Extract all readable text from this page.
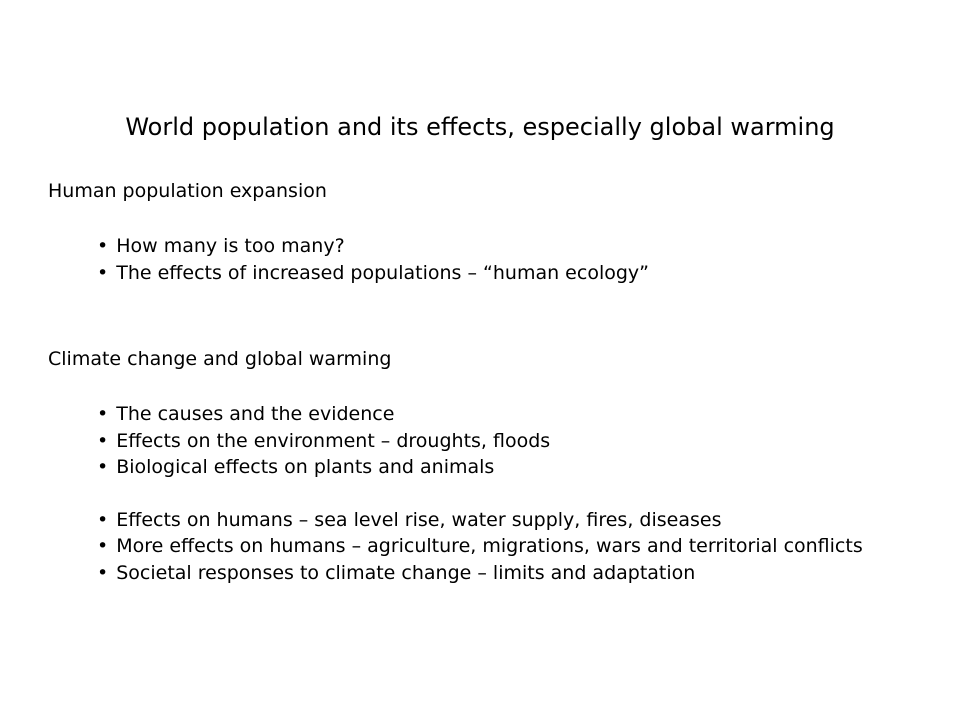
World population and its effects, especially global warming
Human population expansion
• How many is too many?
• The effects of increased populations – “human ecology”
Climate change and global warming
• The causes and the evidence
• Effects on the environment – droughts, floods
• Biological effects on plants and animals
• Effects on humans – sea level rise, water supply, fires, diseases
• More effects on humans – agriculture, migrations, wars and territorial conflicts
• Societal responses to climate change – limits and adaptation
